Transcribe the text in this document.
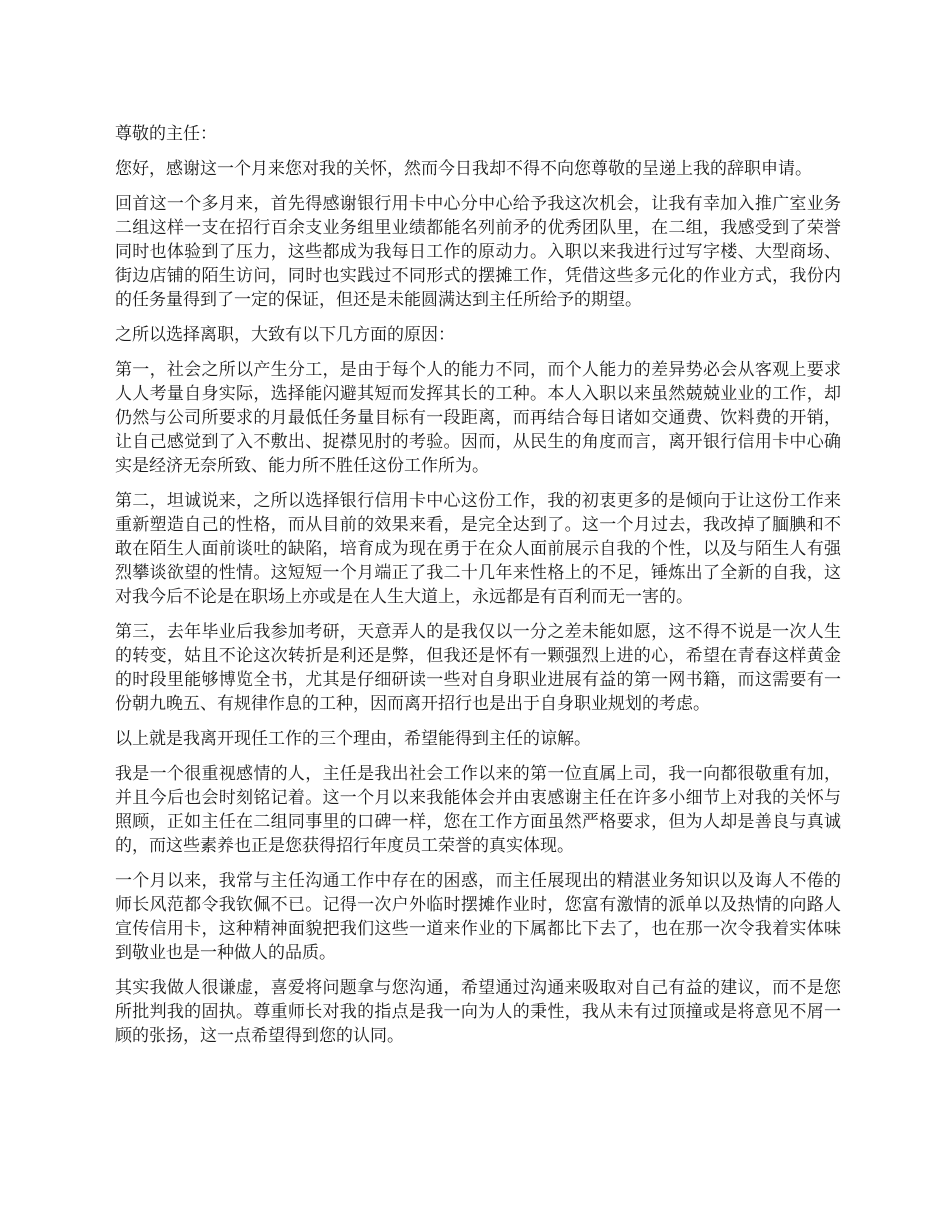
尊敬的主任：

您好，感谢这一个月来您对我的关怀，然而今日我却不得不向您尊敬的呈递上我的辞职申请。

回首这一个多月来，首先得感谢银行用卡中心分中心给予我这次机会，让我有幸加入推广室业务二组这样一支在招行百余支业务组里业绩都能名列前矛的优秀团队里，在二组，我感受到了荣誉同时也体验到了压力，这些都成为我每日工作的原动力。入职以来我进行过写字楼、大型商场、街边店铺的陌生访问，同时也实践过不同形式的摆摊工作，凭借这些多元化的作业方式，我份内的任务量得到了一定的保证，但还是未能圆满达到主任所给予的期望。

之所以选择离职，大致有以下几方面的原因：

第一，社会之所以产生分工，是由于每个人的能力不同，而个人能力的差异势必会从客观上要求人人考量自身实际，选择能闪避其短而发挥其长的工种。本人入职以来虽然兢兢业业的工作，却仍然与公司所要求的月最低任务量目标有一段距离，而再结合每日诸如交通费、饮料费的开销，让自己感觉到了入不敷出、捉襟见肘的考验。因而，从民生的角度而言，离开银行信用卡中心确实是经济无奈所致、能力所不胜任这份工作所为。

第二，坦诚说来，之所以选择银行信用卡中心这份工作，我的初衷更多的是倾向于让这份工作来重新塑造自己的性格，而从目前的效果来看，是完全达到了。这一个月过去，我改掉了腼腆和不敢在陌生人面前谈吐的缺陷，培育成为现在勇于在众人面前展示自我的个性，以及与陌生人有强烈攀谈欲望的性情。这短短一个月端正了我二十几年来性格上的不足，锤炼出了全新的自我，这对我今后不论是在职场上亦或是在人生大道上，永远都是有百利而无一害的。

第三，去年毕业后我参加考研，天意弄人的是我仅以一分之差未能如愿，这不得不说是一次人生的转变，姑且不论这次转折是利还是弊，但我还是怀有一颗强烈上进的心，希望在青春这样黄金的时段里能够博览全书，尤其是仔细研读一些对自身职业进展有益的第一网书籍，而这需要有一份朝九晚五、有规律作息的工种，因而离开招行也是出于自身职业规划的考虑。

以上就是我离开现任工作的三个理由，希望能得到主任的谅解。

我是一个很重视感情的人，主任是我出社会工作以来的第一位直属上司，我一向都很敬重有加，并且今后也会时刻铭记着。这一个月以来我能体会并由衷感谢主任在许多小细节上对我的关怀与照顾，正如主任在二组同事里的口碑一样，您在工作方面虽然严格要求，但为人却是善良与真诚的，而这些素养也正是您获得招行年度员工荣誉的真实体现。

一个月以来，我常与主任沟通工作中存在的困惑，而主任展现出的精湛业务知识以及诲人不倦的师长风范都令我钦佩不已。记得一次户外临时摆摊作业时，您富有激情的派单以及热情的向路人宣传信用卡，这种精神面貌把我们这些一道来作业的下属都比下去了，也在那一次令我着实体味到敬业也是一种做人的品质。

其实我做人很谦虚，喜爱将问题拿与您沟通，希望通过沟通来吸取对自己有益的建议，而不是您所批判我的固执。尊重师长对我的指点是我一向为人的秉性，我从未有过顶撞或是将意见不屑一顾的张扬，这一点希望得到您的认同。
